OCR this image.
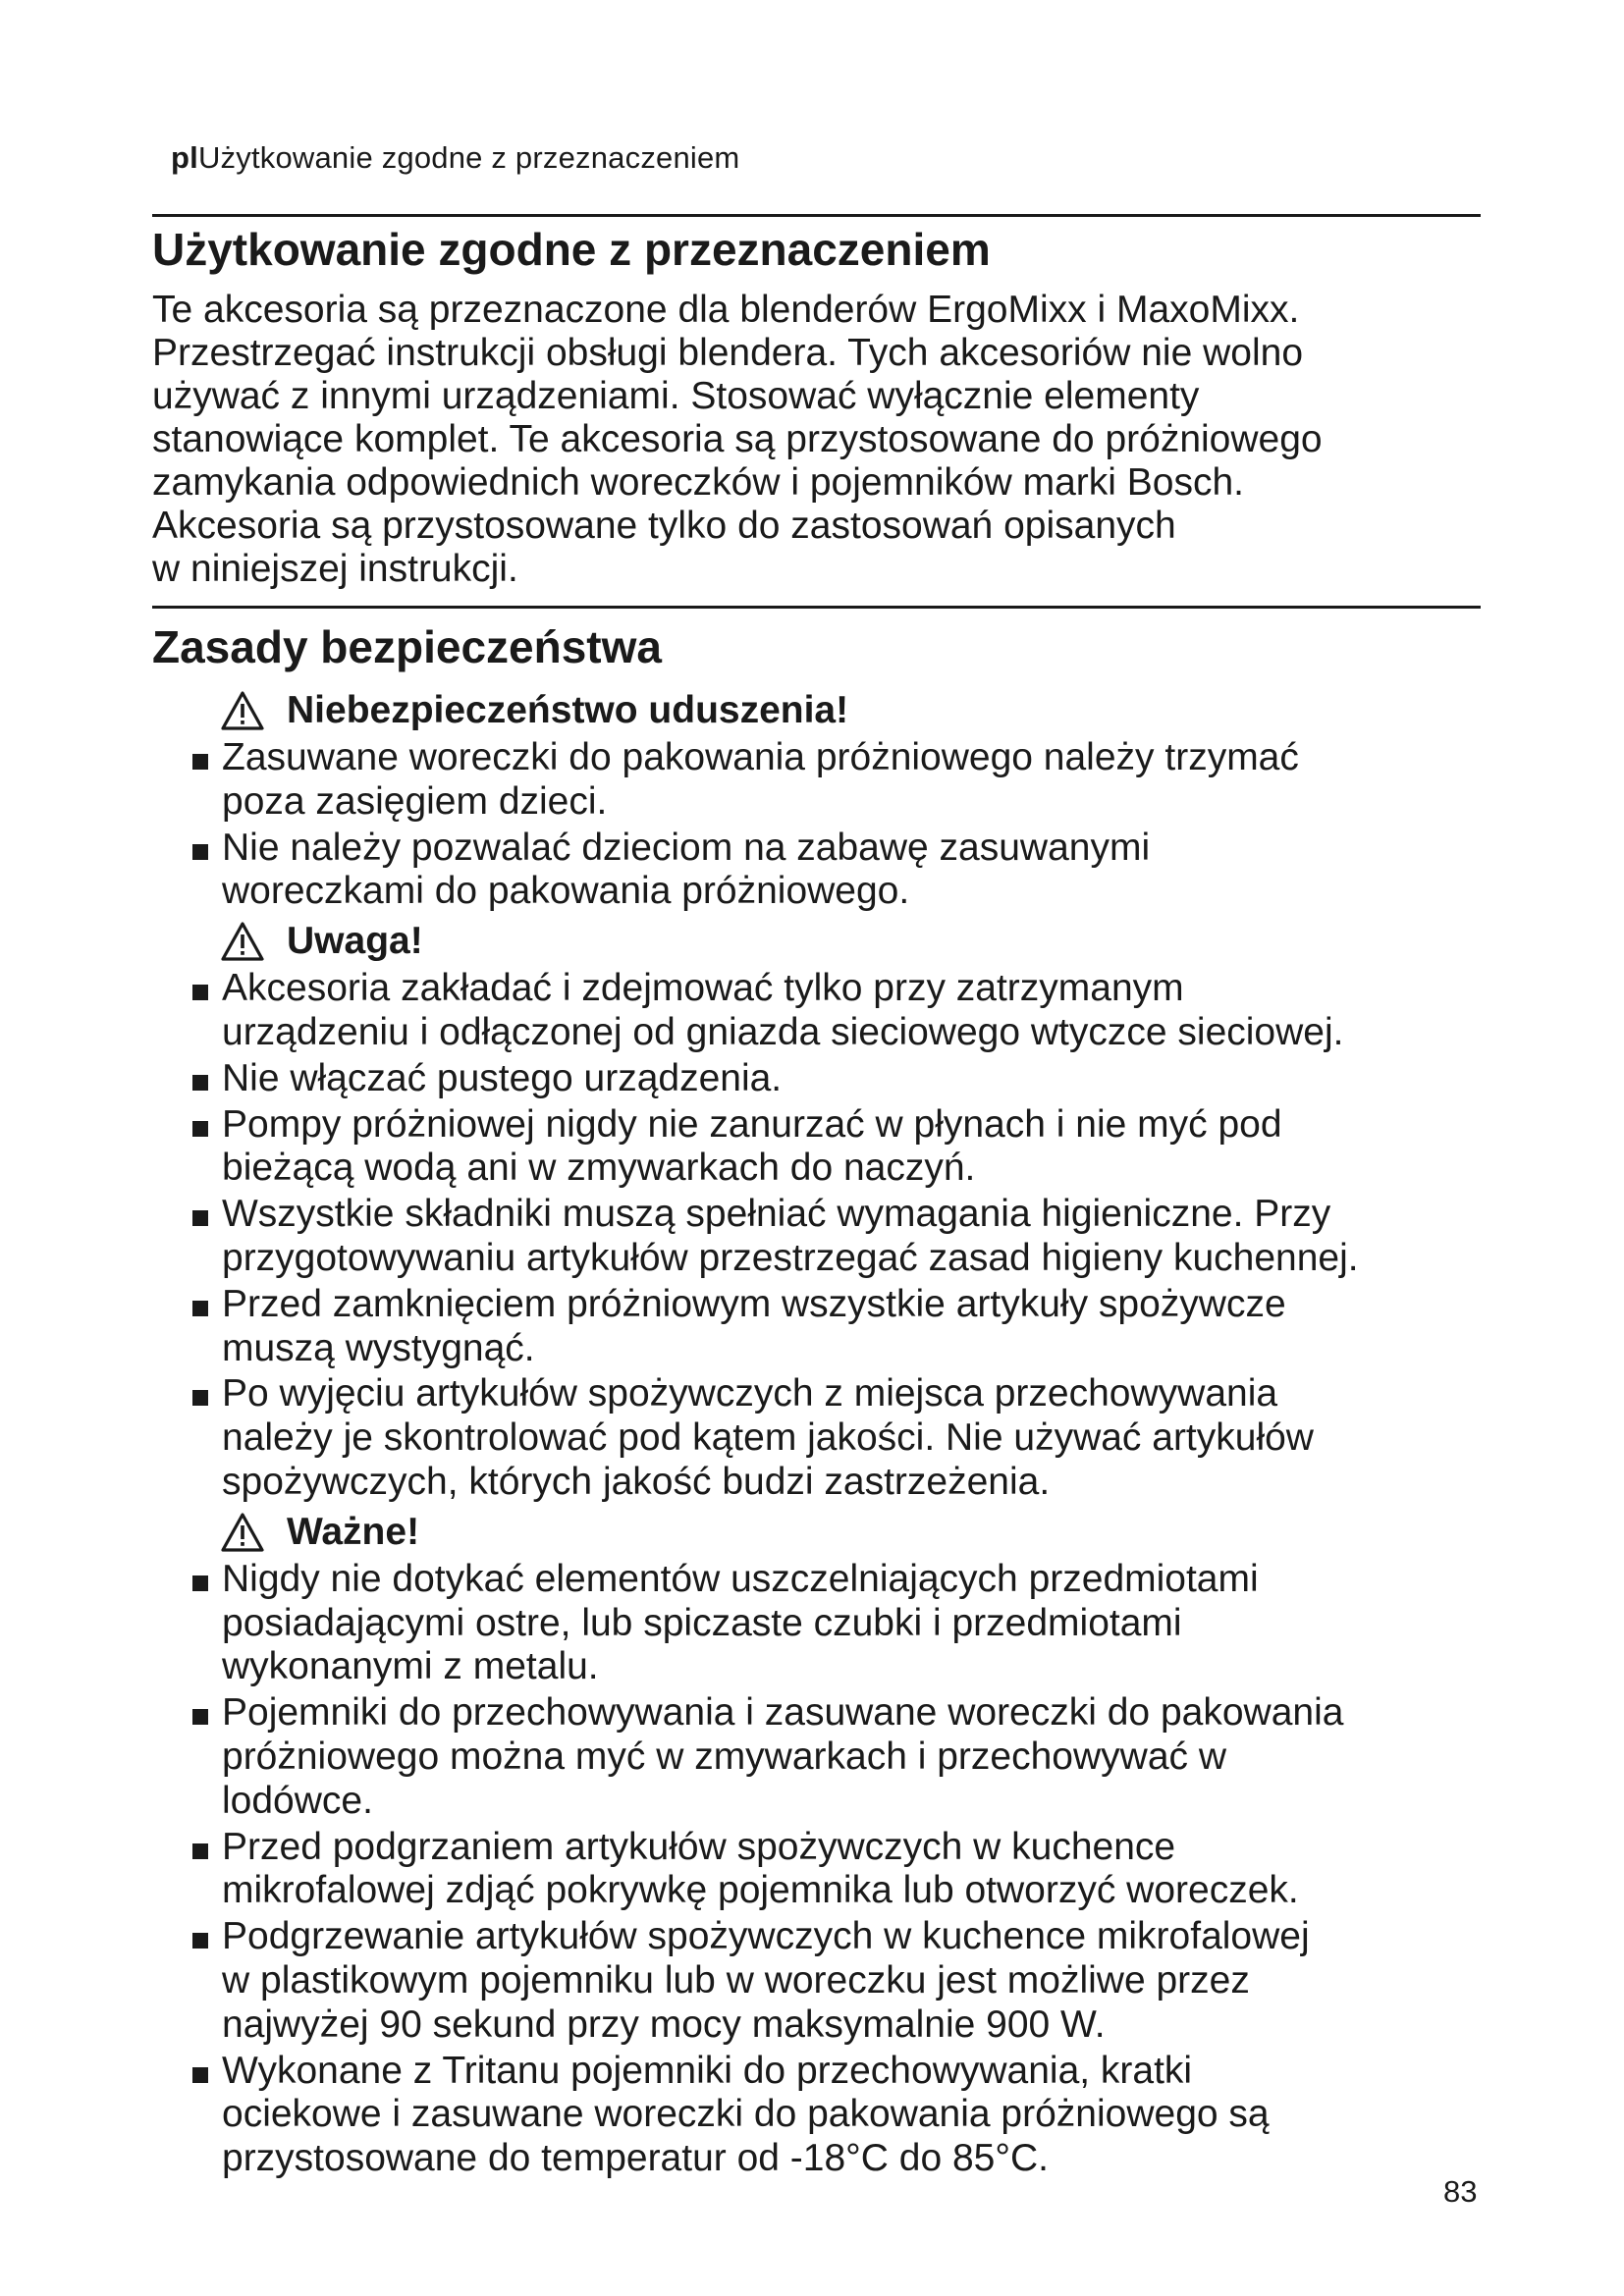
plUżytkowanie zgodne z przeznaczeniem
Użytkowanie zgodne z przeznaczeniem

Te akcesoria są przeznaczone dla blenderów ErgoMixx i MaxoMixx.
Przestrzegać instrukcji obsługi blendera. Tych akcesoriów nie wolno
używać z innymi urządzeniami. Stosować wyłącznie elementy
stanowiące komplet. Te akcesoria są przystosowane do próżniowego
zamykania odpowiednich woreczków i pojemników marki Bosch.
Akcesoria są przystosowane tylko do zastosowań opisanych
w niniejszej instrukcji.

Zasady bezpieczeństwa
Niebezpieczeństwo uduszenia!
Zasuwane woreczki do pakowania próżniowego należy trzymać
poza zasięgiem dzieci.
Nie należy pozwalać dzieciom na zabawę zasuwanymi
woreczkami do pakowania próżniowego.
Uwaga!
Akcesoria zakładać i zdejmować tylko przy zatrzymanym
urządzeniu i odłączonej od gniazda sieciowego wtyczce sieciowej.
Nie włączać pustego urządzenia.
Pompy próżniowej nigdy nie zanurzać w płynach i nie myć pod
bieżącą wodą ani w zmywarkach do naczyń.
Wszystkie składniki muszą spełniać wymagania higieniczne. Przy
przygotowywaniu artykułów przestrzegać zasad higieny kuchennej.
Przed zamknięciem próżniowym wszystkie artykuły spożywcze
muszą wystygnąć.
Po wyjęciu artykułów spożywczych z miejsca przechowywania
należy je skontrolować pod kątem jakości. Nie używać artykułów
spożywczych, których jakość budzi zastrzeżenia.
Ważne!
Nigdy nie dotykać elementów uszczelniających przedmiotami
posiadającymi ostre, lub spiczaste czubki i przedmiotami
wykonanymi z metalu.
Pojemniki do przechowywania i zasuwane woreczki do pakowania
próżniowego można myć w zmywarkach i przechowywać w
lodówce.
Przed podgrzaniem artykułów spożywczych w kuchence
mikrofalowej zdjąć pokrywkę pojemnika lub otworzyć woreczek.
Podgrzewanie artykułów spożywczych w kuchence mikrofalowej
w plastikowym pojemniku lub w woreczku jest możliwe przez
najwyżej 90 sekund przy mocy maksymalnie 900 W.
Wykonane z Tritanu pojemniki do przechowywania, kratki
ociekowe i zasuwane woreczki do pakowania próżniowego są
przystosowane do temperatur od -18°C do 85°C.
83
